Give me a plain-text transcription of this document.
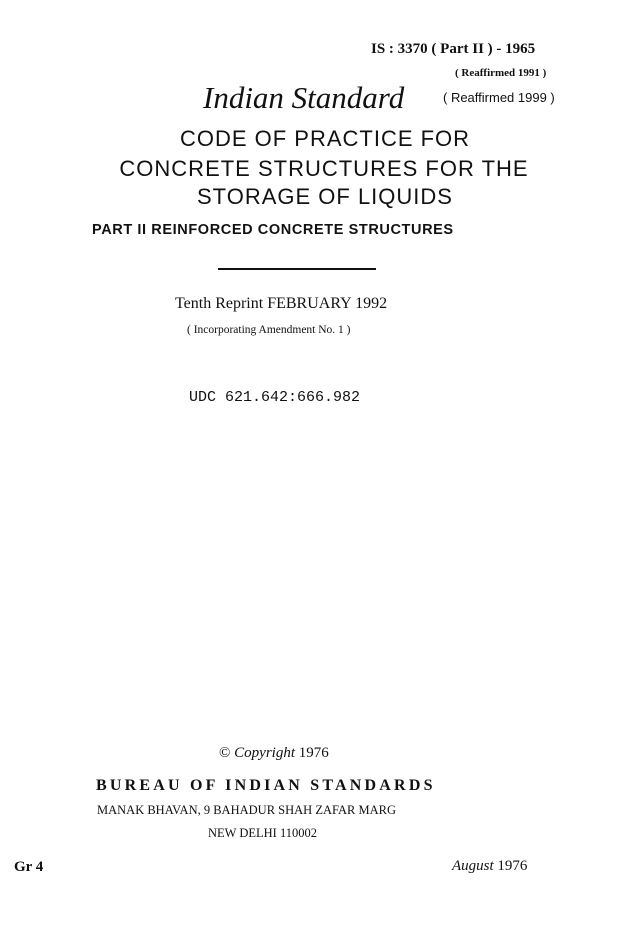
IS : 3370 ( Part II ) - 1965
( Reaffirmed 1991 )
Indian Standard	( Reaffirmed 1999 )
CODE OF PRACTICE FOR
CONCRETE STRUCTURES FOR THE
STORAGE OF LIQUIDS
PART II REINFORCED CONCRETE STRUCTURES
Tenth Reprint FEBRUARY 1992
( Incorporating Amendment No. 1 )
UDC 621.642:666.982
© Copyright 1976
BUREAU OF INDIAN STANDARDS
MANAK BHAVAN, 9 BAHADUR SHAH ZAFAR MARG
NEW DELHI 110002
Gr 4	August 1976
